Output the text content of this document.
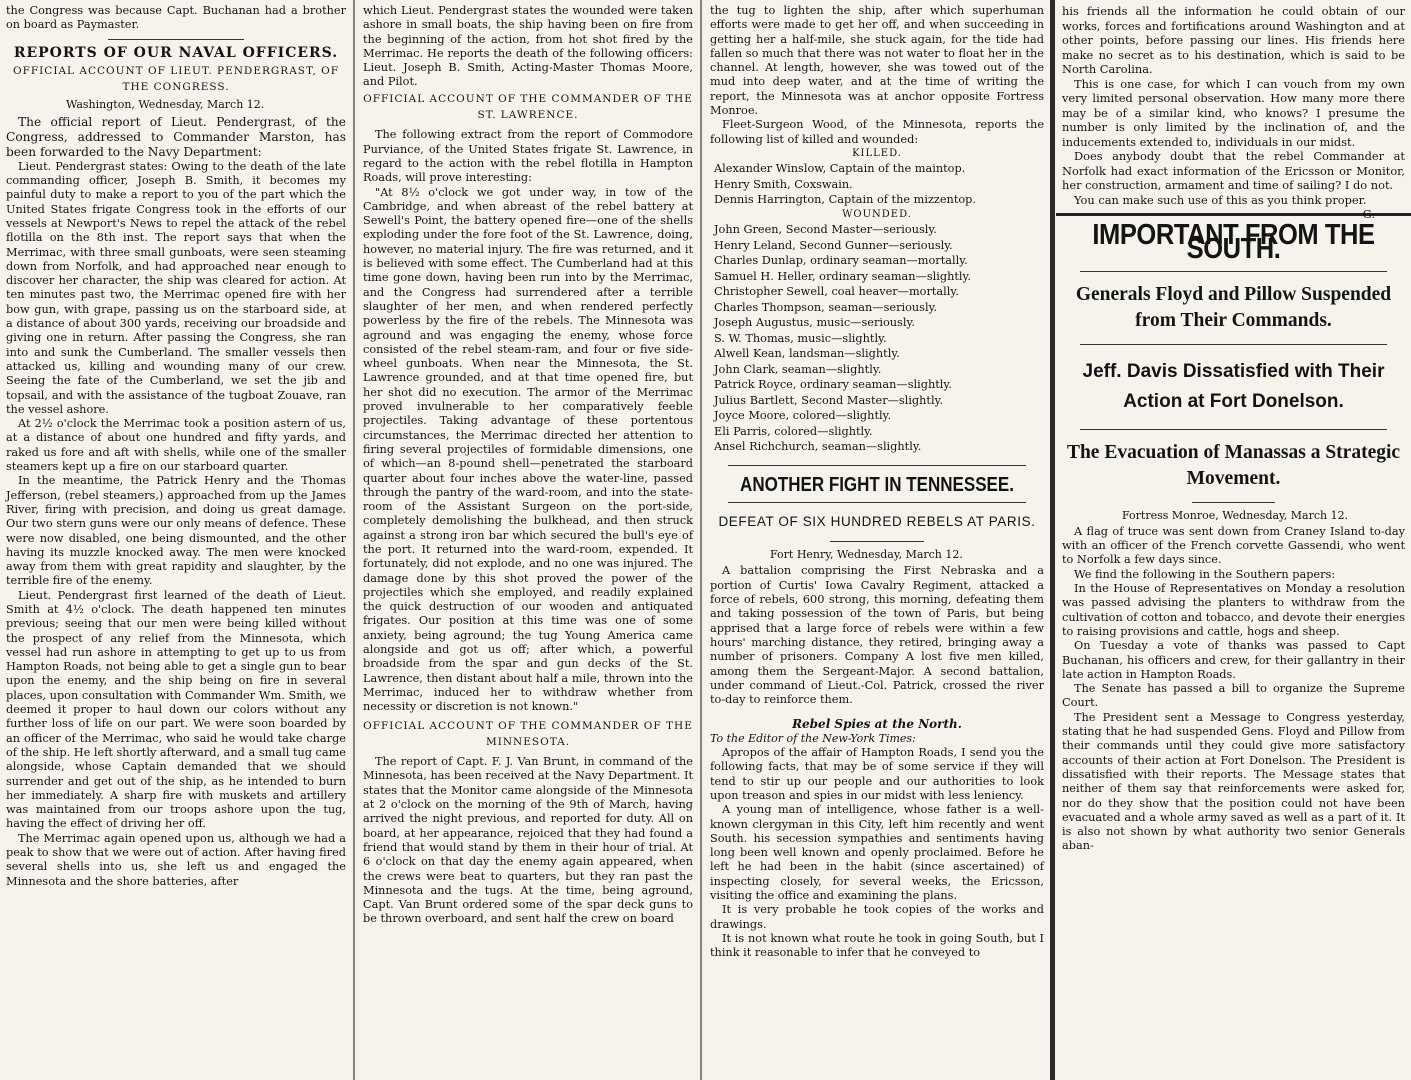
the Congress was because Capt. Buchanan had a brother on board as Paymaster.

REPORTS OF OUR NAVAL OFFICERS.
OFFICIAL ACCOUNT OF LIEUT. PENDERGRAST, OF
THE CONGRESS.
Washington, Wednesday, March 12.

The official report of Lieut. Pendergrast, of the Congress, addressed to Commander Marston, has been forwarded to the Navy Department:

Lieut. Pendergrast states: Owing to the death of the late commanding officer, Joseph B. Smith, it becomes my painful duty to make a report to you of the part which the United States frigate Congress took in the efforts of our vessels at Newport's News to repel the attack of the rebel flotilla on the 8th inst. The report says that when the Merrimac, with three small gunboats, were seen steaming down from Norfolk, and had approached near enough to discover her character, the ship was cleared for action. At ten minutes past two, the Merrimac opened fire with her bow gun, with grape, passing us on the starboard side, at a distance of about 300 yards, receiving our broadside and giving one in return. After passing the Congress, she ran into and sunk the Cumberland. The smaller vessels then attacked us, killing and wounding many of our crew. Seeing the fate of the Cumberland, we set the jib and topsail, and with the assistance of the tugboat Zouave, ran the vessel ashore.

At 2½ o'clock the Merrimac took a position astern of us, at a distance of about one hundred and fifty yards, and raked us fore and aft with shells, while one of the smaller steamers kept up a fire on our starboard quarter.

In the meantime, the Patrick Henry and the Thomas Jefferson, (rebel steamers,) approached from up the James River, firing with precision, and doing us great damage. Our two stern guns were our only means of defence. These were now disabled, one being dismounted, and the other having its muzzle knocked away. The men were knocked away from them with great rapidity and slaughter, by the terrible fire of the enemy.

Lieut. Pendergrast first learned of the death of Lieut. Smith at 4½ o'clock. The death happened ten minutes previous; seeing that our men were being killed without the prospect of any relief from the Minnesota, which vessel had run ashore in attempting to get up to us from Hampton Roads, not being able to get a single gun to bear upon the enemy, and the ship being on fire in several places, upon consultation with Commander Wm. Smith, we deemed it proper to haul down our colors without any further loss of life on our part. We were soon boarded by an officer of the Merrimac, who said he would take charge of the ship. He left shortly afterward, and a small tug came alongside, whose Captain demanded that we should surrender and get out of the ship, as he intended to burn her immediately. A sharp fire with muskets and artillery was maintained from our troops ashore upon the tug, having the effect of driving her off.

The Merrimac again opened upon us, although we had a peak to show that we were out of action. After having fired several shells into us, she left us and engaged the Minnesota and the shore batteries, after

which Lieut. Pendergrast states the wounded were taken ashore in small boats, the ship having been on fire from the beginning of the action, from hot shot fired by the Merrimac. He reports the death of the following officers: Lieut. Joseph B. Smith, Acting-Master Thomas Moore, and Pilot.

OFFICIAL ACCOUNT OF THE COMMANDER OF THE
ST. LAWRENCE.

The following extract from the report of Commodore Purviance, of the United States frigate St. Lawrence, in regard to the action with the rebel flotilla in Hampton Roads, will prove interesting:

"At 8½ o'clock we got under way, in tow of the Cambridge, and when abreast of the rebel battery at Sewell's Point, the battery opened fire—one of the shells exploding under the fore foot of the St. Lawrence, doing, however, no material injury. The fire was returned, and it is believed with some effect. The Cumberland had at this time gone down, having been run into by the Merrimac, and the Congress had surrendered after a terrible slaughter of her men, and when rendered perfectly powerless by the fire of the rebels. The Minnesota was aground and was engaging the enemy, whose force consisted of the rebel steam-ram, and four or five side-wheel gunboats. When near the Minnesota, the St. Lawrence grounded, and at that time opened fire, but her shot did no execution. The armor of the Merrimac proved invulnerable to her comparatively feeble projectiles. Taking advantage of these portentous circumstances, the Merrimac directed her attention to firing several projectiles of formidable dimensions, one of which—an 8-pound shell—penetrated the starboard quarter about four inches above the water-line, passed through the pantry of the ward-room, and into the state-room of the Assistant Surgeon on the port-side, completely demolishing the bulkhead, and then struck against a strong iron bar which secured the bull's eye of the port. It returned into the ward-room, expended. It fortunately, did not explode, and no one was injured. The damage done by this shot proved the power of the projectiles which she employed, and readily explained the quick destruction of our wooden and antiquated frigates. Our position at this time was one of some anxiety, being aground; the tug Young America came alongside and got us off; after which, a powerful broadside from the spar and gun decks of the St. Lawrence, then distant about half a mile, thrown into the Merrimac, induced her to withdraw whether from necessity or discretion is not known."

OFFICIAL ACCOUNT OF THE COMMANDER OF THE
MINNESOTA.

The report of Capt. F. J. Van Brunt, in command of the Minnesota, has been received at the Navy Department. It states that the Monitor came alongside of the Minnesota at 2 o'clock on the morning of the 9th of March, having arrived the night previous, and reported for duty. All on board, at her appearance, rejoiced that they had found a friend that would stand by them in their hour of trial. At 6 o'clock on that day the enemy again appeared, when the crews were beat to quarters, but they ran past the Minnesota and the tugs. At the time, being aground, Capt. Van Brunt ordered some of the spar deck guns to be thrown overboard, and sent half the crew on board

the tug to lighten the ship, after which superhuman efforts were made to get her off, and when succeeding in getting her a half-mile, she stuck again, for the tide had fallen so much that there was not water to float her in the channel. At length, however, she was towed out of the mud into deep water, and at the time of writing the report, the Minnesota was at anchor opposite Fortress Monroe.

Fleet-Surgeon Wood, of the Minnesota, reports the following list of killed and wounded:

KILLED.
Alexander Winslow, Captain of the maintop.
Henry Smith, Coxswain.
Dennis Harrington, Captain of the mizzentop.
WOUNDED.
John Green, Second Master—seriously.
Henry Leland, Second Gunner—seriously.
Charles Dunlap, ordinary seaman—mortally.
Samuel H. Heller, ordinary seaman—slightly.
Christopher Sewell, coal heaver—mortally.
Charles Thompson, seaman—seriously.
Joseph Augustus, music—seriously.
S. W. Thomas, music—slightly.
Alwell Kean, landsman—slightly.
John Clark, seaman—slightly.
Patrick Royce, ordinary seaman—slightly.
Julius Bartlett, Second Master—slightly.
Joyce Moore, colored—slightly.
Eli Parris, colored—slightly.
Ansel Richchurch, seaman—slightly.
ANOTHER FIGHT IN TENNESSEE.
DEFEAT OF SIX HUNDRED REBELS AT PARIS.
Fort Henry, Wednesday, March 12.

A battalion comprising the First Nebraska and a portion of Curtis' Iowa Cavalry Regiment, attacked a force of rebels, 600 strong, this morning, defeating them and taking possession of the town of Paris, but being apprised that a large force of rebels were within a few hours' marching distance, they retired, bringing away a number of prisoners. Company A lost five men killed, among them the Sergeant-Major. A second battalion, under command of Lieut.-Col. Patrick, crossed the river to-day to reinforce them.

Rebel Spies at the North.
To the Editor of the New-York Times:

Apropos of the affair of Hampton Roads, I send you the following facts, that may be of some service if they will tend to stir up our people and our authorities to look upon treason and spies in our midst with less leniency.

A young man of intelligence, whose father is a well-known clergyman in this City, left him recently and went South. his secession sympathies and sentiments having long been well known and openly proclaimed. Before he left he had been in the habit (since ascertained) of inspecting closely, for several weeks, the Ericsson, visiting the office and examining the plans.

It is very probable he took copies of the works and drawings.

It is not known what route he took in going South, but I think it reasonable to infer that he conveyed to

his friends all the information he could obtain of our works, forces and fortifications around Washington and at other points, before passing our lines. His friends here make no secret as to his destination, which is said to be North Carolina.

This is one case, for which I can vouch from my own very limited personal observation. How many more there may be of a similar kind, who knows? I presume the number is only limited by the inclination of, and the inducements extended to, individuals in our midst.

Does anybody doubt that the rebel Commander at Norfolk had exact information of the Ericsson or Monitor, her construction, armament and time of sailing? I do not.

You can make such use of this as you think proper.
G.

IMPORTANT FROM THE SOUTH.
Generals Floyd and Pillow Suspended from Their Commands.
Jeff. Davis Dissatisfied with Their Action at Fort Donelson.
The Evacuation of Manassas a Strategic Movement.
Fortress Monroe, Wednesday, March 12.

A flag of truce was sent down from Craney Island to-day with an officer of the French corvette Gassendi, who went to Norfolk a few days since.

We find the following in the Southern papers:

In the House of Representatives on Monday a resolution was passed advising the planters to withdraw from the cultivation of cotton and tobacco, and devote their energies to raising provisions and cattle, hogs and sheep.

On Tuesday a vote of thanks was passed to Capt Buchanan, his officers and crew, for their gallantry in their late action in Hampton Roads.

The Senate has passed a bill to organize the Supreme Court.

The President sent a Message to Congress yesterday, stating that he had suspended Gens. Floyd and Pillow from their commands until they could give more satisfactory accounts of their action at Fort Donelson. The President is dissatisfied with their reports. The Message states that neither of them say that reinforcements were asked for, nor do they show that the position could not have been evacuated and a whole army saved as well as a part of it. It is also not shown by what authority two senior Generals aban-
